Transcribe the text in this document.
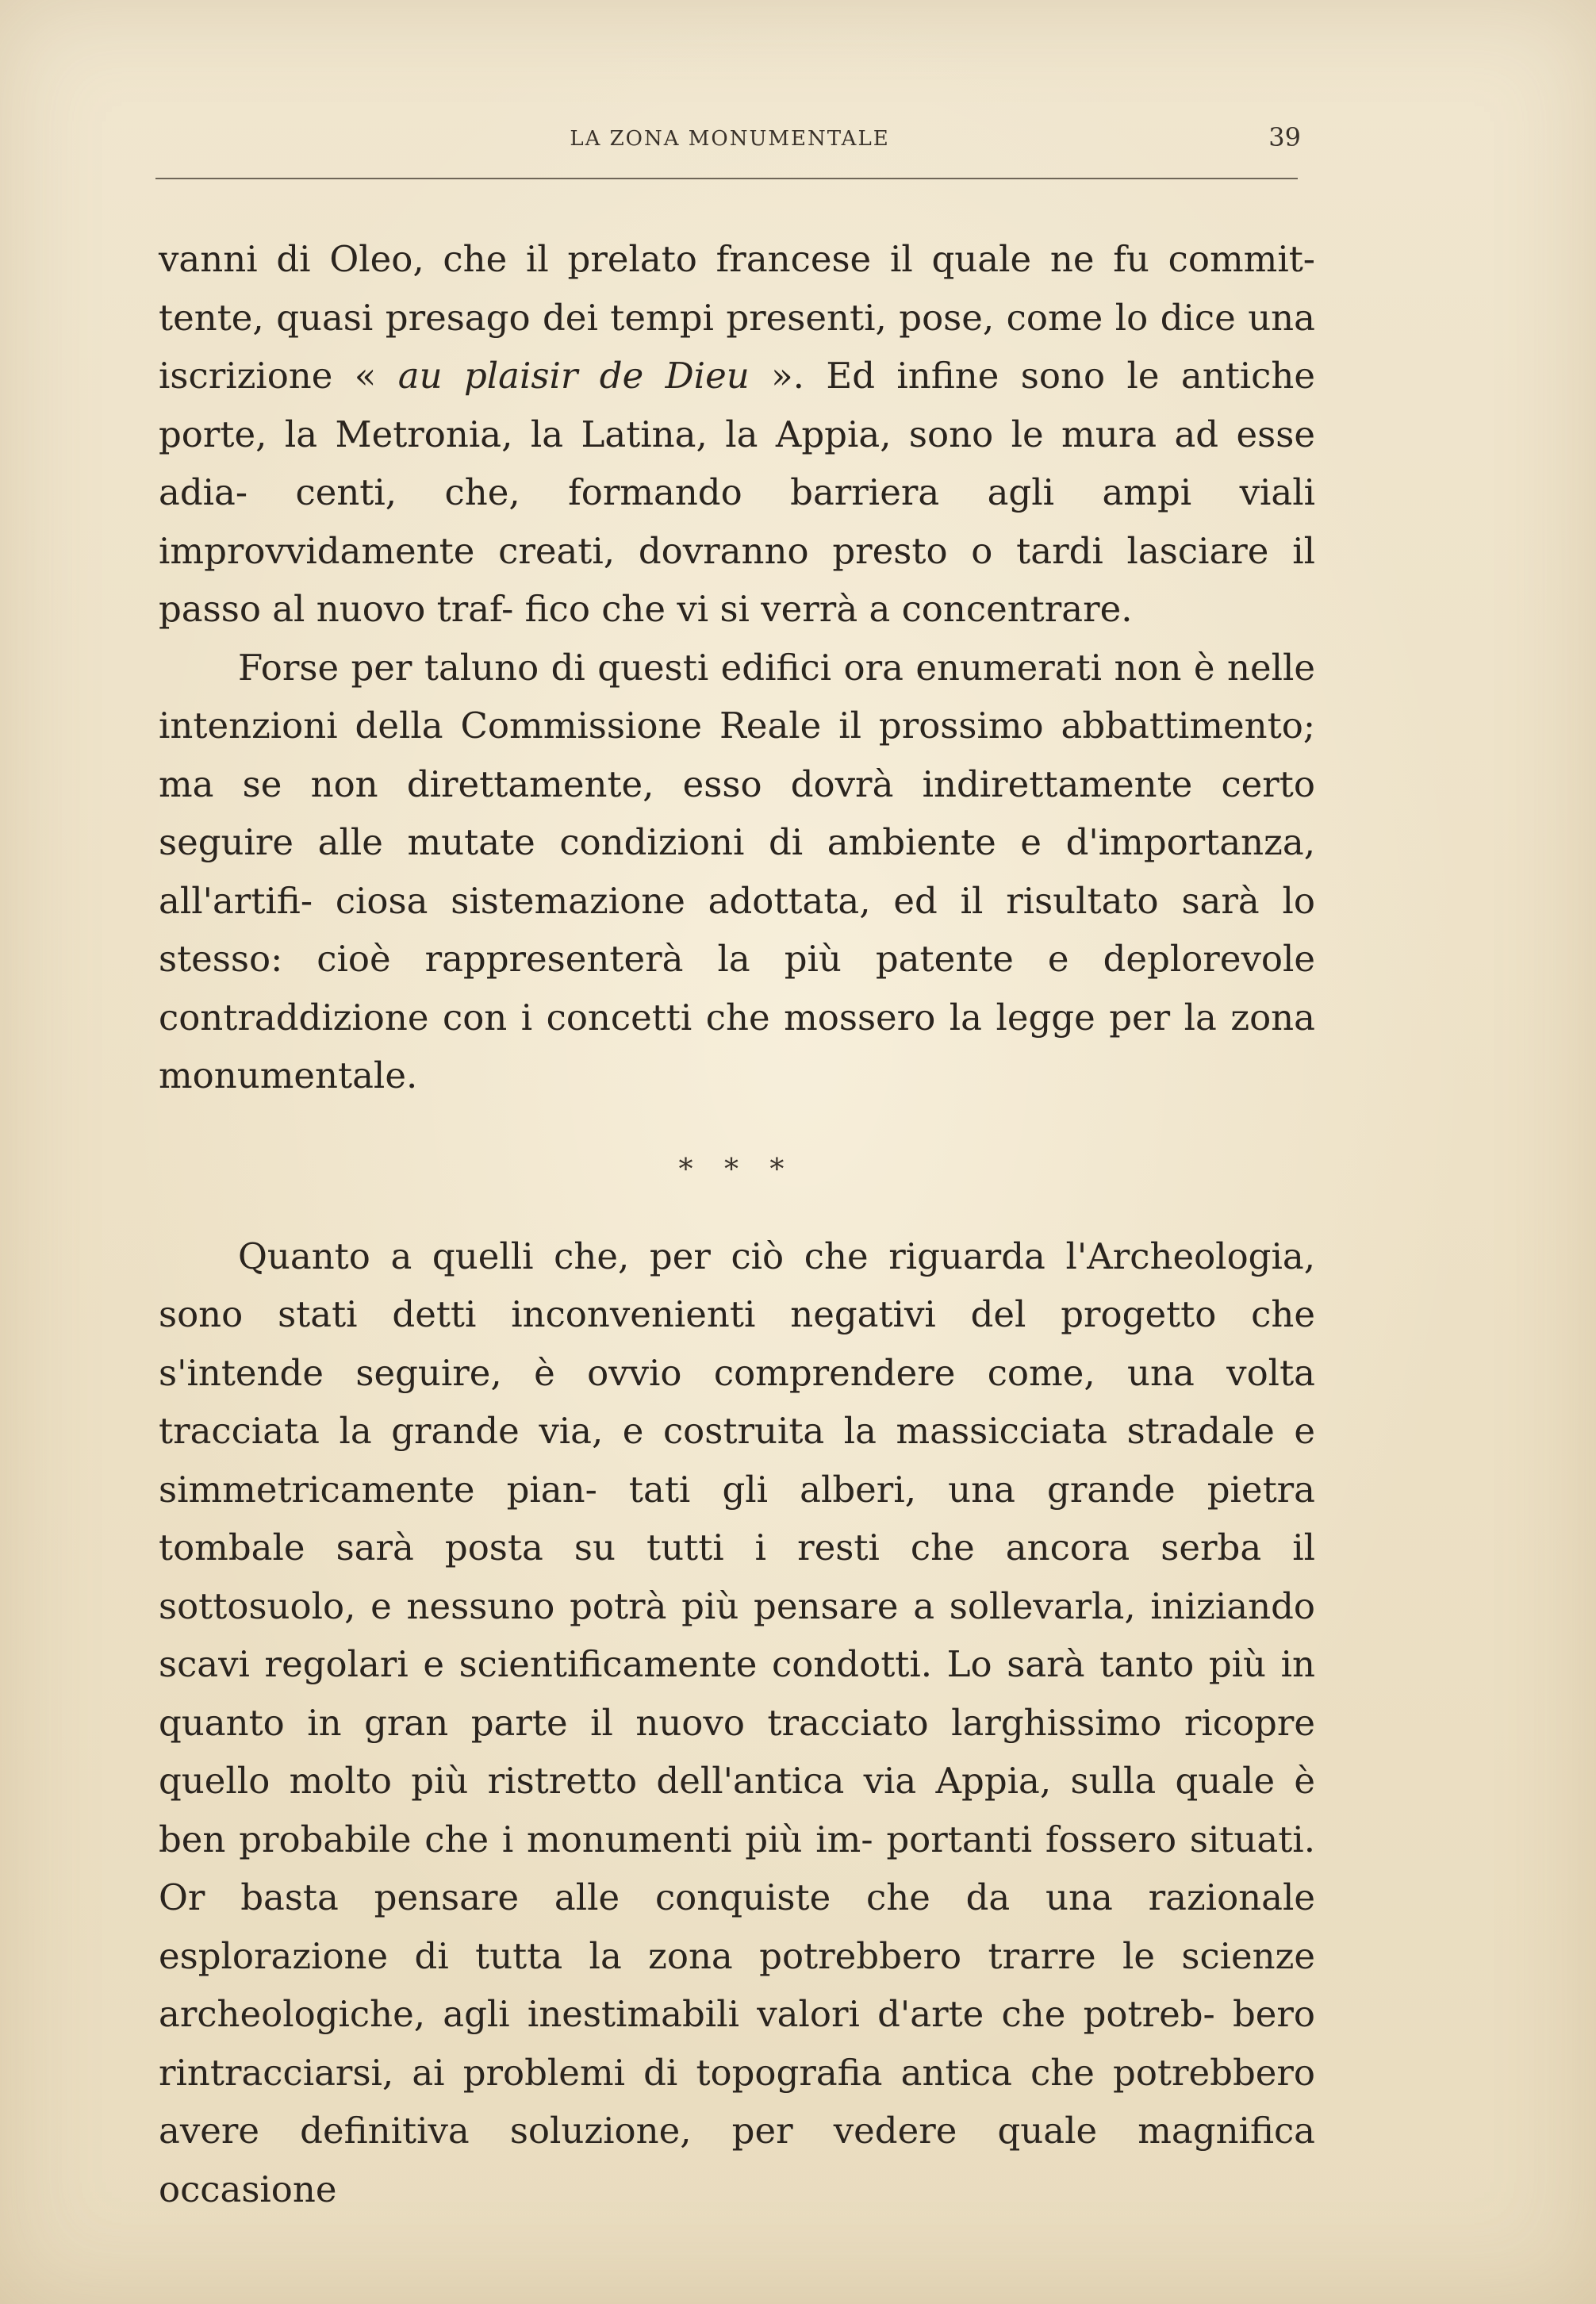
LA ZONA MONUMENTALE	39

vanni di Oleo, che il prelato francese il quale ne fu commit- tente, quasi presago dei tempi presenti, pose, come lo dice una iscrizione « au plaisir de Dieu ». Ed infine sono le antiche porte, la Metronia, la Latina, la Appia, sono le mura ad esse adia- centi, che, formando barriera agli ampi viali improvvidamente creati, dovranno presto o tardi lasciare il passo al nuovo traf- fico che vi si verrà a concentrare.

Forse per taluno di questi edifici ora enumerati non è nelle intenzioni della Commissione Reale il prossimo abbattimento; ma se non direttamente, esso dovrà indirettamente certo seguire alle mutate condizioni di ambiente e d'importanza, all'artifi- ciosa sistemazione adottata, ed il risultato sarà lo stesso: cioè rappresenterà la più patente e deplorevole contraddizione con i concetti che mossero la legge per la zona monumentale.

* * *

Quanto a quelli che, per ciò che riguarda l'Archeologia, sono stati detti inconvenienti negativi del progetto che s'intende seguire, è ovvio comprendere come, una volta tracciata la grande via, e costruita la massicciata stradale e simmetricamente pian- tati gli alberi, una grande pietra tombale sarà posta su tutti i resti che ancora serba il sottosuolo, e nessuno potrà più pensare a sollevarla, iniziando scavi regolari e scientificamente condotti. Lo sarà tanto più in quanto in gran parte il nuovo tracciato larghissimo ricopre quello molto più ristretto dell'antica via Appia, sulla quale è ben probabile che i monumenti più im- portanti fossero situati. Or basta pensare alle conquiste che da una razionale esplorazione di tutta la zona potrebbero trarre le scienze archeologiche, agli inestimabili valori d'arte che potreb- bero rintracciarsi, ai problemi di topografia antica che potrebbero avere definitiva soluzione, per vedere quale magnifica occasione
